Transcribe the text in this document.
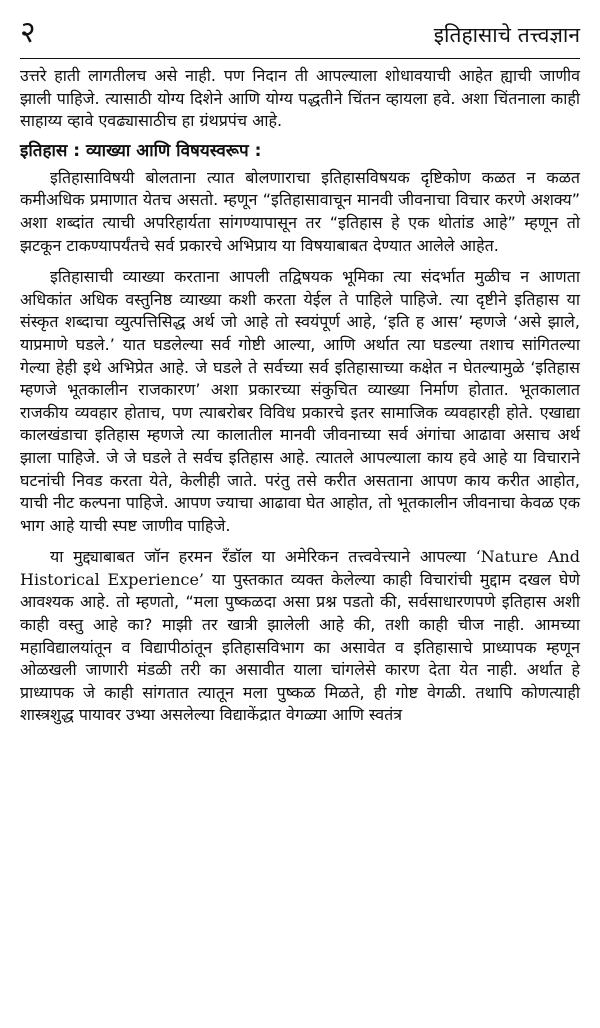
२	इतिहासाचे तत्त्वज्ञान

उत्तरे हाती लागतीलच असे नाही. पण निदान ती आपल्याला शोधावयाची आहेत ह्याची जाणीव झाली पाहिजे. त्यासाठी योग्य दिशेने आणि योग्य पद्धतीने चिंतन व्हायला हवे. अशा चिंतनाला काही साहाय्य व्हावे एवढ्यासाठीच हा ग्रंथप्रपंच आहे.

इतिहास : व्याख्या आणि विषयस्वरूप :

इतिहासाविषयी बोलताना त्यात बोलणाराचा इतिहासविषयक दृष्टिकोण कळत न कळत कमीअधिक प्रमाणात येतच असतो. म्हणून “इतिहासावाचून मानवी जीवनाचा विचार करणे अशक्य” अशा शब्दांत त्याची अपरिहार्यता सांगण्यापासून तर “इतिहास हे एक थोतांड आहे” म्हणून तो झटकून टाकण्यापर्यंतचे सर्व प्रकारचे अभिप्राय या विषयाबाबत देण्यात आलेले आहेत.

इतिहासाची व्याख्या करताना आपली तद्विषयक भूमिका त्या संदर्भात मुळीच न आणता अधिकांत अधिक वस्तुनिष्ठ व्याख्या कशी करता येईल ते पाहिले पाहिजे. त्या दृष्टीने इतिहास या संस्कृत शब्दाचा व्युत्पत्तिसिद्ध अर्थ जो आहे तो स्वयंपूर्ण आहे, ‘इति ह आस’ म्हणजे ‘असे झाले, याप्रमाणे घडले.’ यात घडलेल्या सर्व गोष्टी आल्या, आणि अर्थात त्या घडल्या तशाच सांगितल्या गेल्या हेही इथे अभिप्रेत आहे. जे घडले ते सर्वच्या सर्व इतिहासाच्या कक्षेत न घेतल्यामुळे ‘इतिहास म्हणजे भूतकालीन राजकारण’ अशा प्रकारच्या संकुचित व्याख्या निर्माण होतात. भूतकालात राजकीय व्यवहार होताच, पण त्याबरोबर विविध प्रकारचे इतर सामाजिक व्यवहारही होते. एखाद्या कालखंडाचा इतिहास म्हणजे त्या कालातील मानवी जीवनाच्या सर्व अंगांचा आढावा असाच अर्थ झाला पाहिजे. जे जे घडले ते सर्वच इतिहास आहे. त्यातले आपल्याला काय हवे आहे या विचाराने घटनांची निवड करता येते, केलीही जाते. परंतु तसे करीत असताना आपण काय करीत आहोत, याची नीट कल्पना पाहिजे. आपण ज्याचा आढावा घेत आहोत, तो भूतकालीन जीवनाचा केवळ एक भाग आहे याची स्पष्ट जाणीव पाहिजे.

या मुद्द्याबाबत जॉन हरमन रँडॉल या अमेरिकन तत्त्ववेत्त्याने आपल्या ‘Nature And Historical Experience’ या पुस्तकात व्यक्त केलेल्या काही विचारांची मुद्दाम दखल घेणे आवश्यक आहे. तो म्हणतो, “मला पुष्कळदा असा प्रश्न पडतो की, सर्वसाधारणपणे इतिहास अशी काही वस्तु आहे का? माझी तर खात्री झालेली आहे की, तशी काही चीज नाही. आमच्या महाविद्यालयांतून व विद्यापीठांतून इतिहासविभाग का असावेत व इतिहासाचे प्राध्यापक म्हणून ओळखली जाणारी मंडळी तरी का असावीत याला चांगलेसे कारण देता येत नाही. अर्थात हे प्राध्यापक जे काही सांगतात त्यातून मला पुष्कळ मिळते, ही गोष्ट वेगळी. तथापि कोणत्याही शास्त्रशुद्ध पायावर उभ्या असलेल्या विद्याकेंद्रात वेगळ्या आणि स्वतंत्र
